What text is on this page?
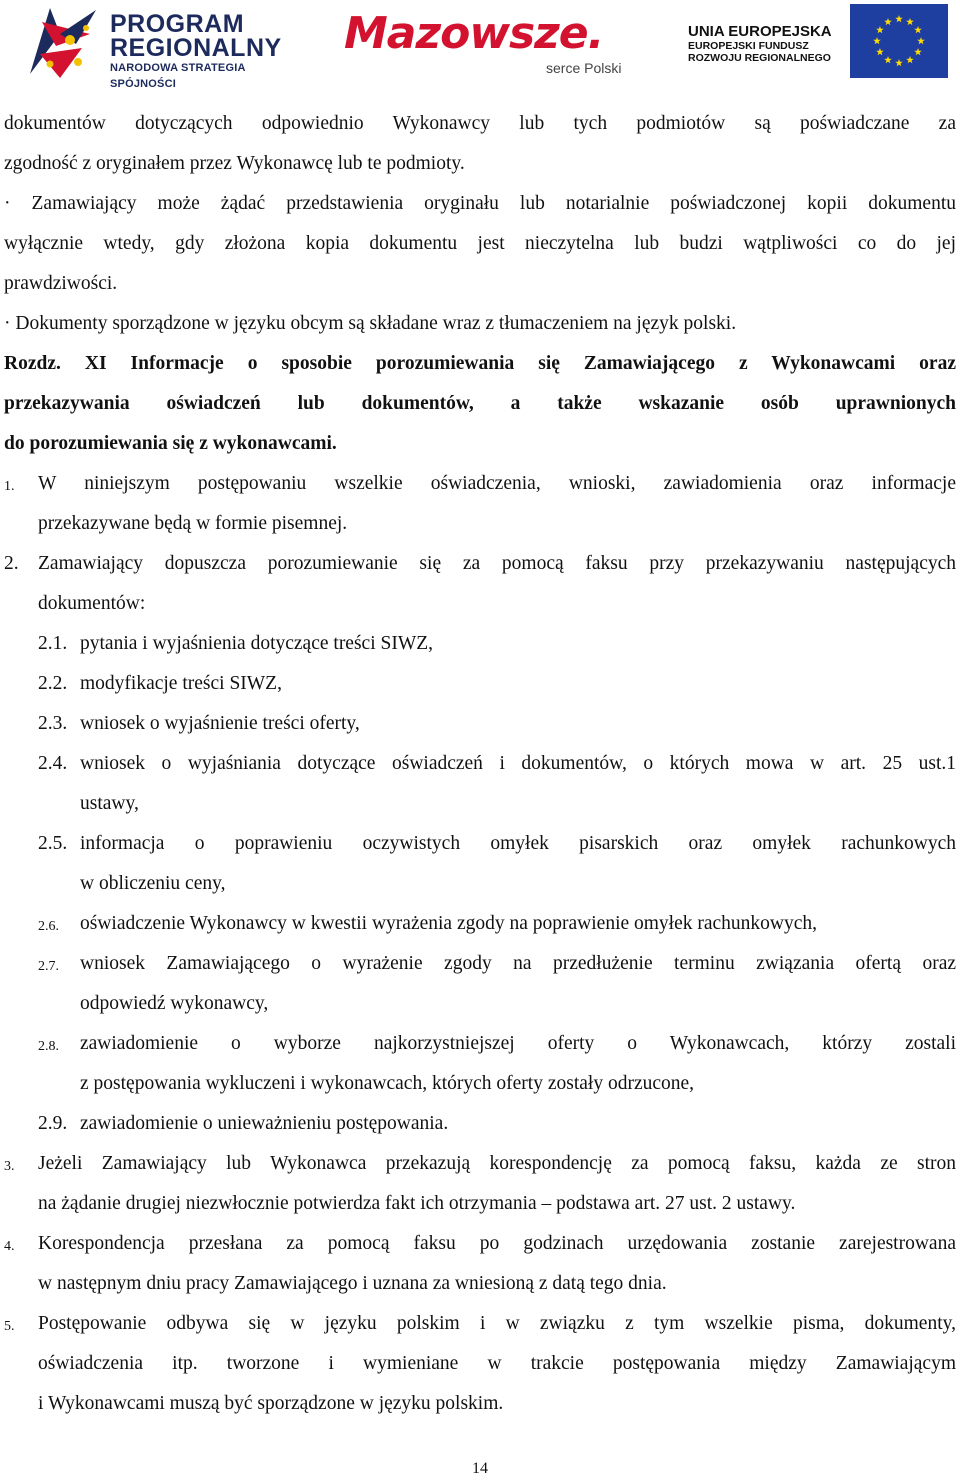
PROGRAM
REGIONALNY
NARODOWA STRATEGIA SPÓJNOŚCI
Mazowsze.
serce Polski
UNIA EUROPEJSKA
EUROPEJSKI FUNDUSZ
ROZWOJU REGIONALNEGO
dokumentów dotyczących odpowiednio Wykonawcy lub tych podmiotów są poświadczane za
zgodność z oryginałem przez Wykonawcę lub te podmioty.
· Zamawiający może żądać przedstawienia oryginału lub notarialnie poświadczonej kopii dokumentu
wyłącznie wtedy, gdy złożona kopia dokumentu jest nieczytelna lub budzi wątpliwości co do jej
prawdziwości.
· Dokumenty sporządzone w języku obcym są składane wraz z tłumaczeniem na język polski.
Rozdz. XI Informacje o sposobie porozumiewania się Zamawiającego z Wykonawcami oraz
przekazywania oświadczeń lub dokumentów, a także wskazanie osób uprawnionych
do porozumiewania się z wykonawcami.
1. W niniejszym postępowaniu wszelkie oświadczenia, wnioski, zawiadomienia oraz informacje
przekazywane będą w formie pisemnej.
2. Zamawiający dopuszcza porozumiewanie się za pomocą faksu przy przekazywaniu następujących
dokumentów:
2.1. pytania i wyjaśnienia dotyczące treści SIWZ,
2.2. modyfikacje treści SIWZ,
2.3. wniosek o wyjaśnienie treści oferty,
2.4. wniosek o wyjaśniania dotyczące oświadczeń i dokumentów, o których mowa w art. 25 ust.1
ustawy,
2.5. informacja o poprawieniu oczywistych omyłek pisarskich oraz omyłek rachunkowych
w obliczeniu ceny,
2.6. oświadczenie Wykonawcy w kwestii wyrażenia zgody na poprawienie omyłek rachunkowych,
2.7. wniosek Zamawiającego o wyrażenie zgody na przedłużenie terminu związania ofertą oraz
odpowiedź wykonawcy,
2.8. zawiadomienie o wyborze najkorzystniejszej oferty o Wykonawcach, którzy zostali
z postępowania wykluczeni i wykonawcach, których oferty zostały odrzucone,
2.9. zawiadomienie o unieważnieniu postępowania.
3. Jeżeli Zamawiający lub Wykonawca przekazują korespondencję za pomocą faksu, każda ze stron
na żądanie drugiej niezwłocznie potwierdza fakt ich otrzymania – podstawa art. 27 ust. 2 ustawy.
4. Korespondencja przesłana za pomocą faksu po godzinach urzędowania zostanie zarejestrowana
w następnym dniu pracy Zamawiającego i uznana za wniesioną z datą tego dnia.
5. Postępowanie odbywa się w języku polskim i w związku z tym wszelkie pisma, dokumenty,
oświadczenia itp. tworzone i wymieniane w trakcie postępowania między Zamawiającym
i Wykonawcami muszą być sporządzone w języku polskim.
14
